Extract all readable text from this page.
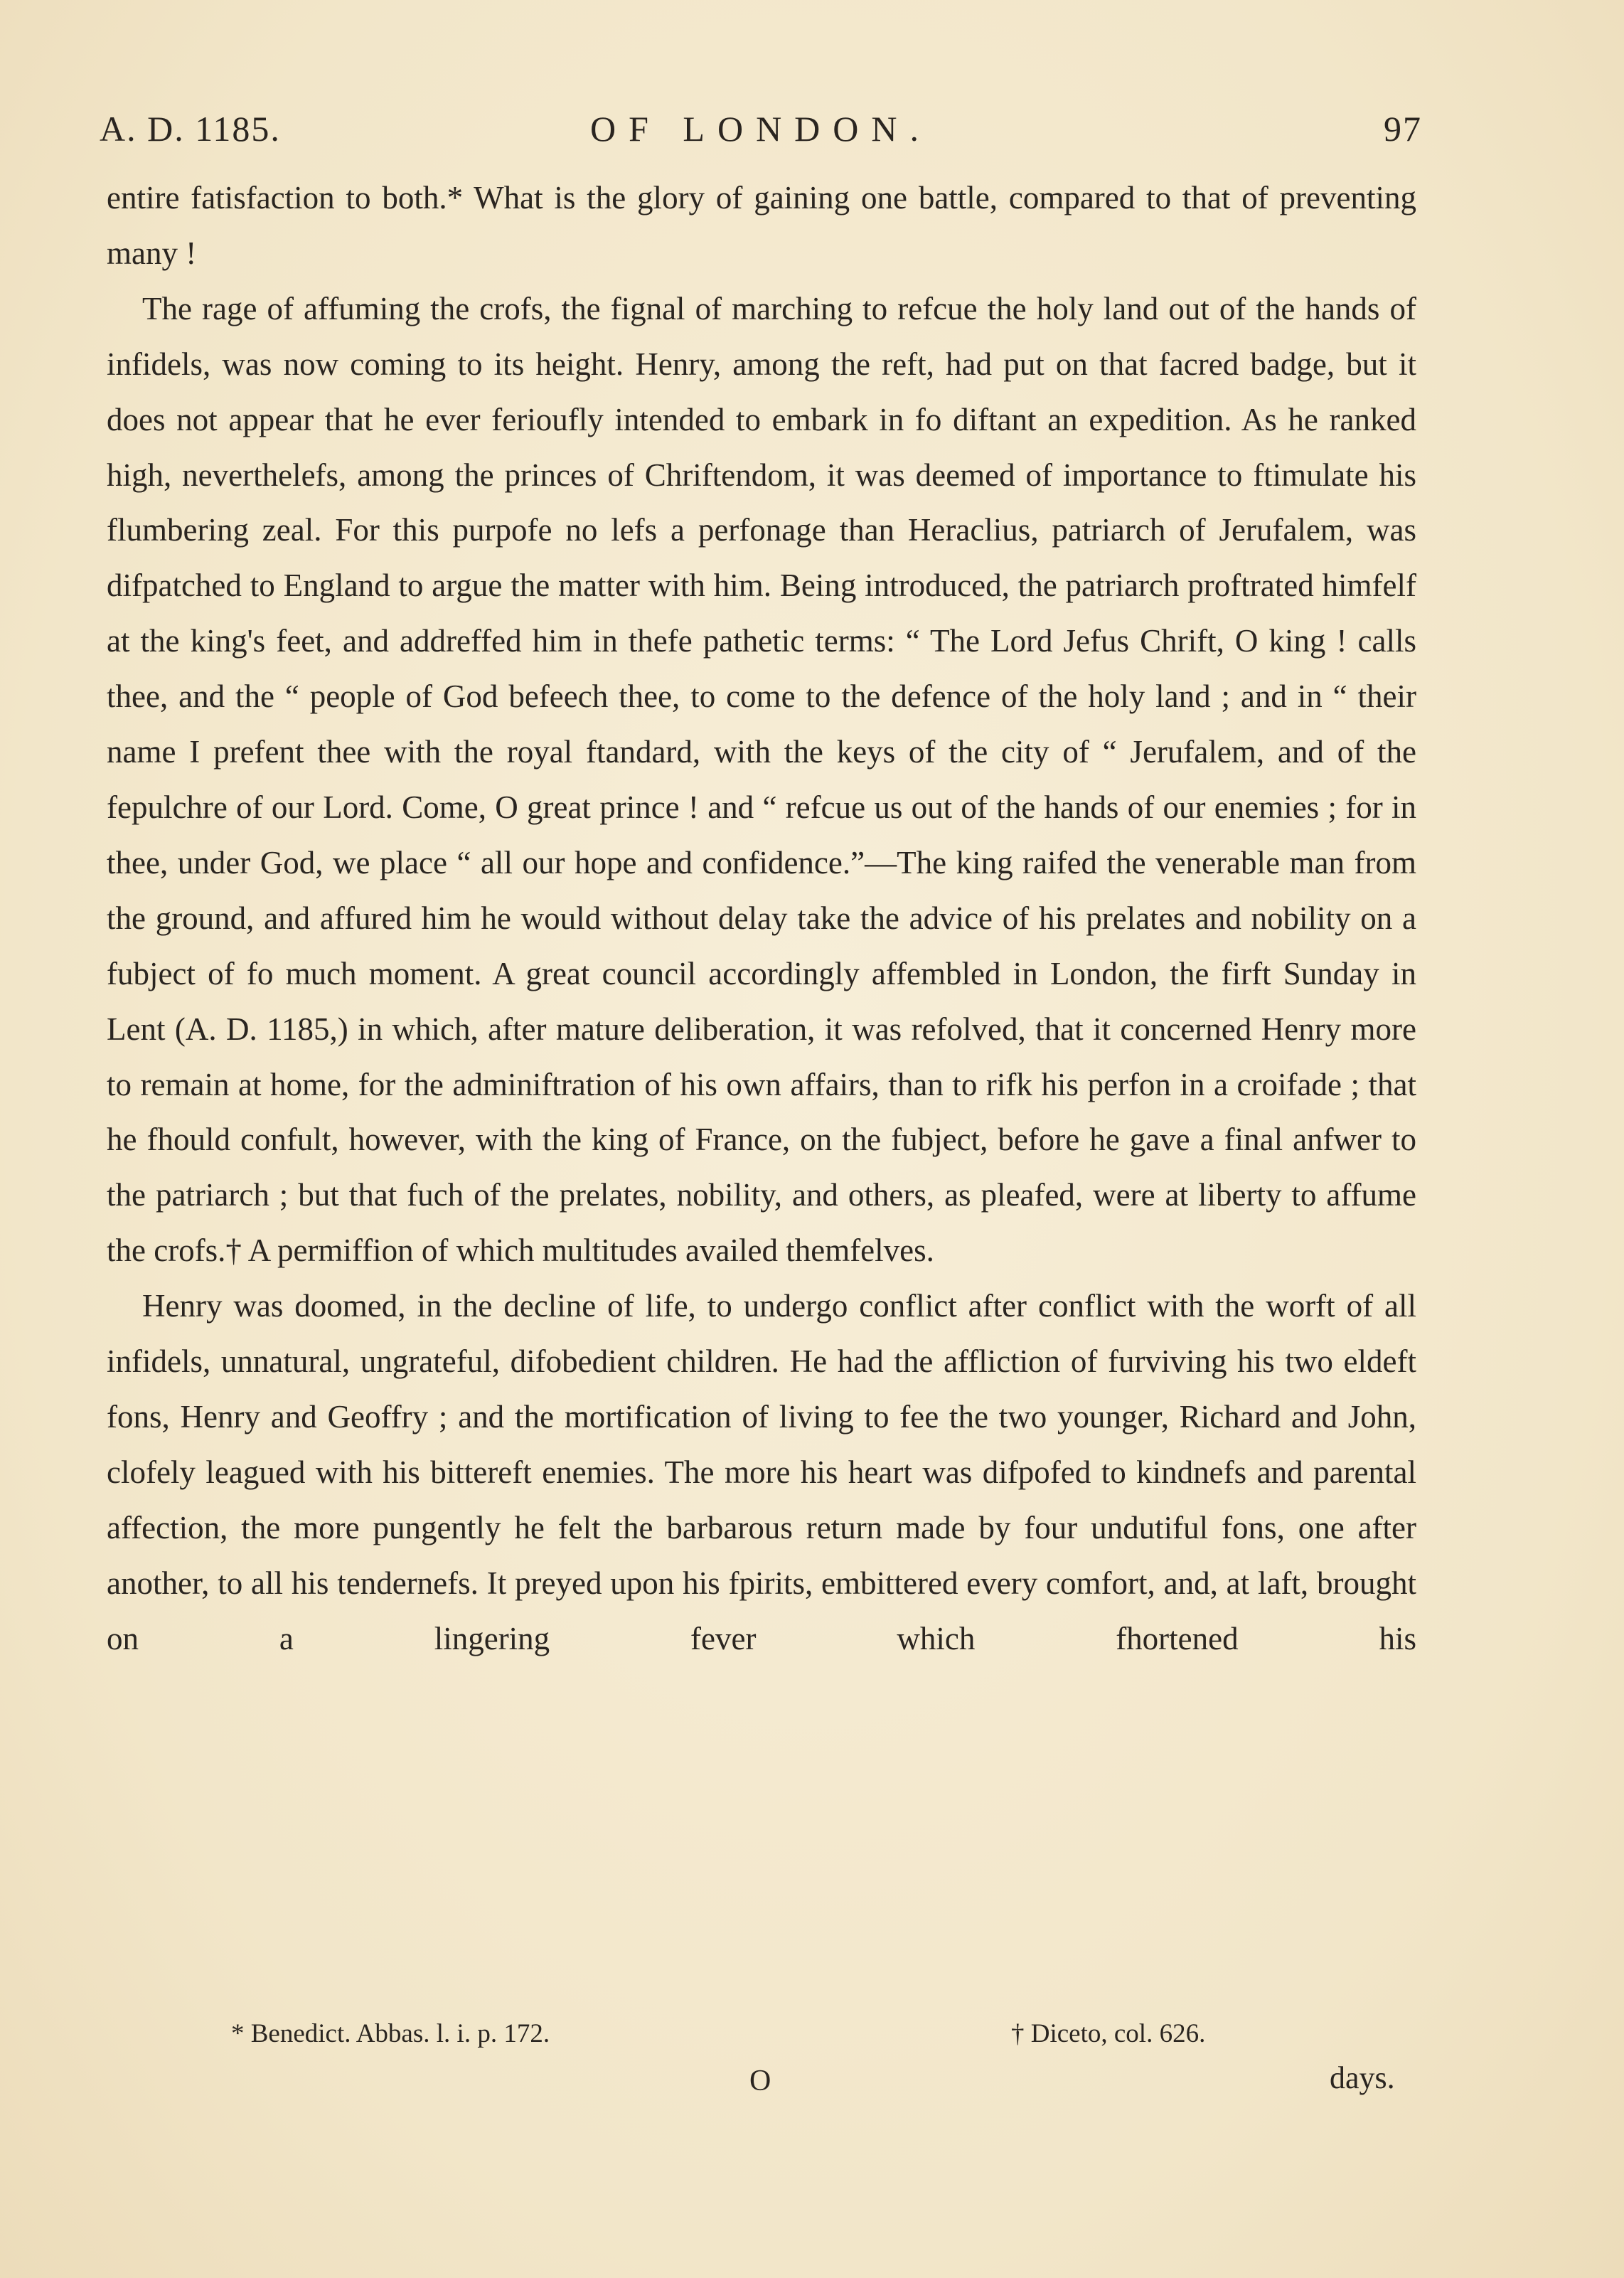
A. D. 1185.	OF LONDON.	97

entire fatisfaction to both.* What is the glory of gaining one battle, compared to that of preventing many !

The rage of affuming the crofs, the fignal of marching to refcue the holy land out of the hands of infidels, was now coming to its height. Henry, among the reft, had put on that facred badge, but it does not appear that he ever ferioufly intended to embark in fo diftant an expedition. As he ranked high, neverthelefs, among the princes of Chriftendom, it was deemed of importance to ftimulate his flumbering zeal. For this purpofe no lefs a perfonage than Heraclius, patriarch of Jerufalem, was difpatched to England to argue the matter with him. Being introduced, the patriarch proftrated himfelf at the king's feet, and addreffed him in thefe pathetic terms: “ The Lord Jefus Chrift, O king ! calls thee, and the “ people of God befeech thee, to come to the defence of the holy land ; and in “ their name I prefent thee with the royal ftandard, with the keys of the city of “ Jerufalem, and of the fepulchre of our Lord. Come, O great prince ! and “ refcue us out of the hands of our enemies ; for in thee, under God, we place “ all our hope and confidence.”—The king raifed the venerable man from the ground, and affured him he would without delay take the advice of his prelates and nobility on a fubject of fo much moment. A great council accordingly affembled in London, the firft Sunday in Lent (A. D. 1185,) in which, after mature deliberation, it was refolved, that it concerned Henry more to remain at home, for the adminiftration of his own affairs, than to rifk his perfon in a croifade ; that he fhould confult, however, with the king of France, on the fubject, before he gave a final anfwer to the patriarch ; but that fuch of the prelates, nobility, and others, as pleafed, were at liberty to affume the crofs.† A permiffion of which multitudes availed themfelves.

Henry was doomed, in the decline of life, to undergo conflict after conflict with the worft of all infidels, unnatural, ungrateful, difobedient children. He had the affliction of furviving his two eldeft fons, Henry and Geoffry ; and the mortification of living to fee the two younger, Richard and John, clofely leagued with his bittereft enemies. The more his heart was difpofed to kindnefs and parental affection, the more pungently he felt the barbarous return made by four undutiful fons, one after another, to all his tendernefs. It preyed upon his fpirits, embittered every comfort, and, at laft, brought on a lingering fever which fhortened his

* Benedict. Abbas. l. i. p. 172.	† Diceto, col. 626.
O	days.
